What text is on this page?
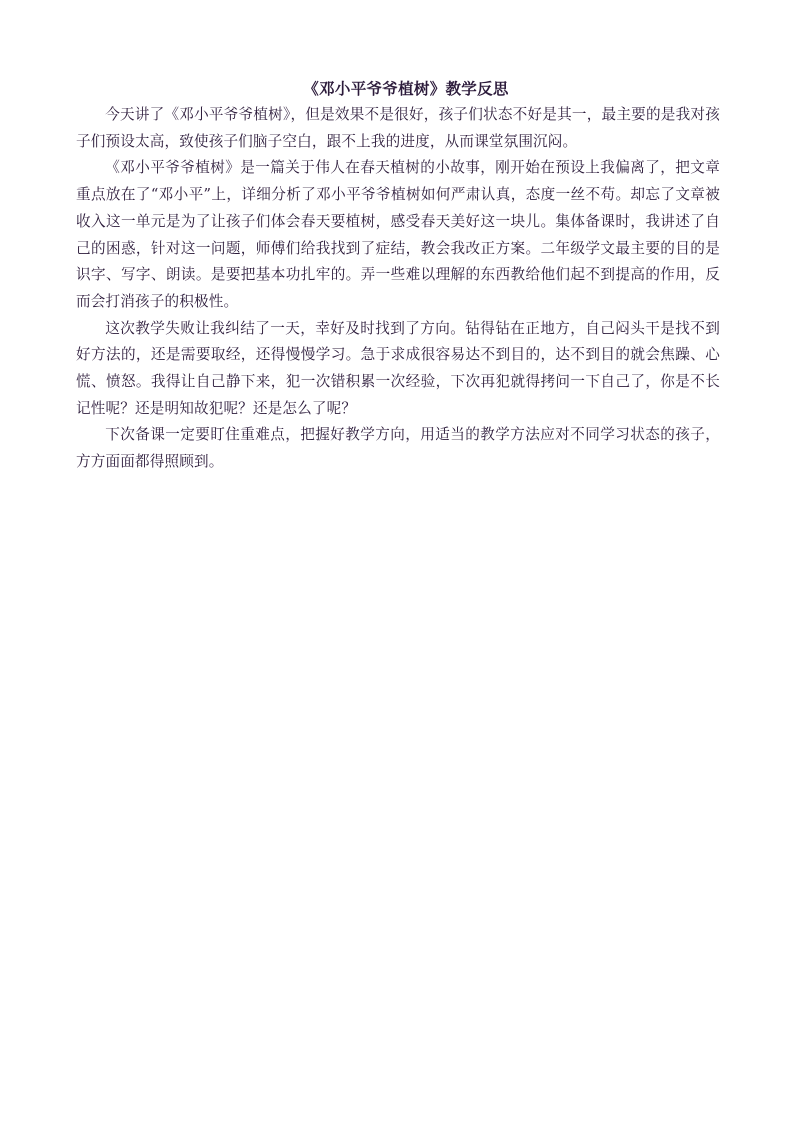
《邓小平爷爷植树》教学反思

今天讲了《邓小平爷爷植树》，但是效果不是很好，孩子们状态不好是其一，最主要的是我对孩子们预设太高，致使孩子们脑子空白，跟不上我的进度，从而课堂氛围沉闷。

《邓小平爷爷植树》是一篇关于伟人在春天植树的小故事，刚开始在预设上我偏离了，把文章重点放在了“邓小平”上，详细分析了邓小平爷爷植树如何严肃认真，态度一丝不苟。却忘了文章被收入这一单元是为了让孩子们体会春天要植树，感受春天美好这一块儿。集体备课时，我讲述了自己的困惑，针对这一问题，师傅们给我找到了症结，教会我改正方案。二年级学文最主要的目的是识字、写字、朗读。是要把基本功扎牢的。弄一些难以理解的东西教给他们起不到提高的作用，反而会打消孩子的积极性。

这次教学失败让我纠结了一天，幸好及时找到了方向。钻得钻在正地方，自己闷头干是找不到好方法的，还是需要取经，还得慢慢学习。急于求成很容易达不到目的，达不到目的就会焦躁、心慌、愤怒。我得让自己静下来，犯一次错积累一次经验，下次再犯就得拷问一下自己了，你是不长记性呢？还是明知故犯呢？还是怎么了呢？

下次备课一定要盯住重难点，把握好教学方向，用适当的教学方法应对不同学习状态的孩子，方方面面都得照顾到。
